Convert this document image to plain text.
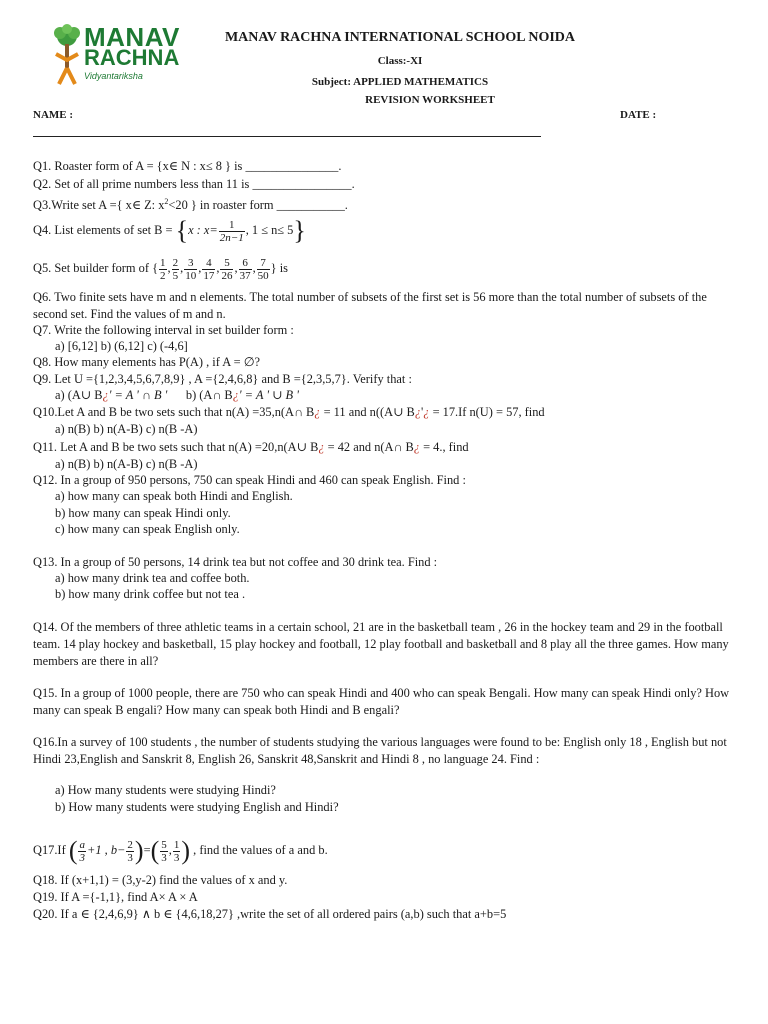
MANAV
RACHNA
Vidyantariksha
MANAV RACHNA INTERNATIONAL SCHOOL NOIDA
Class:-XI
Subject: APPLIED MATHEMATICS
REVISION WORKSHEET
NAME :	DATE :
Q1. Roaster form of A = {x∈ N : x≤ 8 } is _______________.
Q2. Set of all prime numbers less than 11 is ________________.
Q3.Write set A ={ x∈ Z: $x^2<20$ } in roaster form ___________.
Q4. List elements of set B = {x : $x= \frac{1}{2n-1}$ , 1 ≤ n≤ 5}
Q5. Set builder form of { $\frac{1}{2}$ , $\frac{2}{5}$ , $\frac{3}{10}$ , $\frac{4}{17}$ , $\frac{5}{26}$ , $\frac{6}{37}$ , $\frac{7}{50}$ } is
Q6. Two finite sets have m and n elements. The total number of subsets of the first set is 56 more than the total number of subsets of the second set. Find the values of m and n.
Q7. Write the following interval in set builder form :
a) [6,12] b) (6,12] c) (-4,6]
Q8. How many elements has P(A) , if A = ∅?
Q9. Let U ={1,2,3,4,5,6,7,8,9} , A ={2,4,6,8} and B ={2,3,5,7}. Verify that :
a) (A∪ B¿' = A ' ∩ B ' b) (A∩ B¿' = A ' ∪ B '
Q10.Let A and B be two sets such that n(A) =35,n(A∩ B¿ = 11 and n((A∪ B¿'¿ = 17.If n(U) = 57, find
a) n(B) b) n(A-B) c) n(B -A)
Q11. Let A and B be two sets such that n(A) =20,n(A∪ B¿ = 42 and n(A∩ B¿ = 4., find
a) n(B) b) n(A-B) c) n(B -A)
Q12. In a group of 950 persons, 750 can speak Hindi and 460 can speak English. Find :
a) how many can speak both Hindi and English.
b) how many can speak Hindi only.
c) how many can speak English only.
Q13. In a group of 50 persons, 14 drink tea but not coffee and 30 drink tea. Find :
a) how many drink tea and coffee both.
b) how many drink coffee but not tea .
Q14. Of the members of three athletic teams in a certain school, 21 are in the basketball team , 26 in the hockey team and 29 in the football team. 14 play hockey and basketball, 15 play hockey and football, 12 play football and basketball and 8 play all the three games. How many members are there in all?
Q15. In a group of 1000 people, there are 750 who can speak Hindi and 400 who can speak Bengali. How many can speak Hindi only? How many can speak B engali? How many can speak both Hindi and B engali?
Q16.In a survey of 100 students , the number of students studying the various languages were found to be: English only 18 , English but not Hindi 23,English and Sanskrit 8, English 26, Sanskrit 48,Sanskrit and Hindi 8 , no language 24. Find :
a) How many students were studying Hindi?
b) How many students were studying English and Hindi?
Q17.If ( $\frac{a}{3} +1$ , $b- \frac{2}{3}$ )=( $\frac{5}{3}$ , $\frac{1}{3}$ ) , find the values of a and b.
Q18. If (x+1,1) = (3,y-2) find the values of x and y.
Q19. If A ={-1,1}, find A× A × A
Q20. If a ∈ {2,4,6,9} ∧ b ∈ {4,6,18,27} ,write the set of all ordered pairs (a,b) such that a+b=5
